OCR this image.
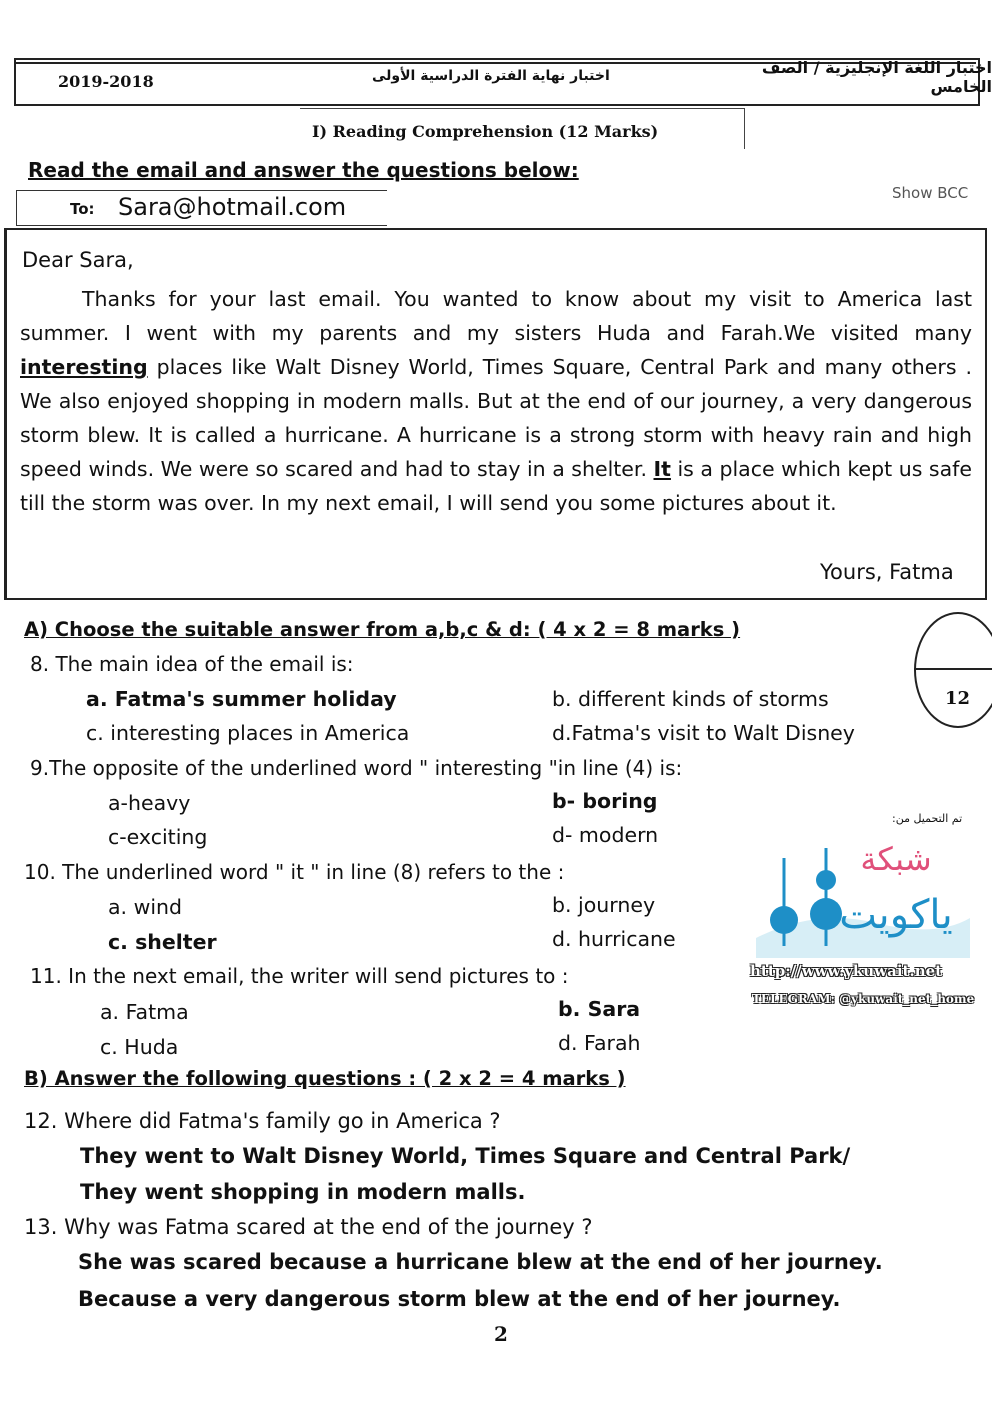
2019-2018	اختبار نهاية الفترة الدراسية الأولى	اختبار اللغة الإنجليزية / الصف الخامس
I) Reading Comprehension (12 Marks)
Read the email and answer the questions below:
To: Sara@hotmail.com	Show BCC
Dear Sara,
Thanks for your last email. You wanted to know about my visit to America last summer. I went with my parents and my sisters Huda and Farah.We visited many interesting places like Walt Disney World, Times Square, Central Park and many others . We also enjoyed shopping in modern malls. But at the end of our journey, a very dangerous storm blew. It is called a hurricane. A hurricane is a strong storm with heavy rain and high speed winds. We were so scared and had to stay in a shelter. It is a place which kept us safe till the storm was over. In my next email, I will send you some pictures about it.
Yours, Fatma
A) Choose the suitable answer from a,b,c & d: ( 4 x 2 = 8 marks )
12
8. The main idea of the email is:
a. Fatma's summer holiday	b. different kinds of storms
c. interesting places in America	d.Fatma's visit to Walt Disney
9.The opposite of the underlined word " interesting "in line (4) is:
a-heavy	b- boring
c-exciting	d- modern
10. The underlined word " it " in line (8) refers to the :
a. wind	b. journey
c. shelter	d. hurricane
11. In the next email, the writer will send pictures to :
a. Fatma	b. Sara
c. Huda	d. Farah
B) Answer the following questions : ( 2 x 2 = 4 marks )
12. Where did Fatma's family go in America ?
They went to Walt Disney World, Times Square and Central Park/
They went shopping in modern malls.
13. Why was Fatma scared at the end of the journey ?
She was scared because a hurricane blew at the end of her journey.
Because a very dangerous storm blew at the end of her journey.
2
تم التحميل من:
شبكة
ياكويت
http://www.ykuwait.net
TELEGRAM: @ykuwait_net_home
